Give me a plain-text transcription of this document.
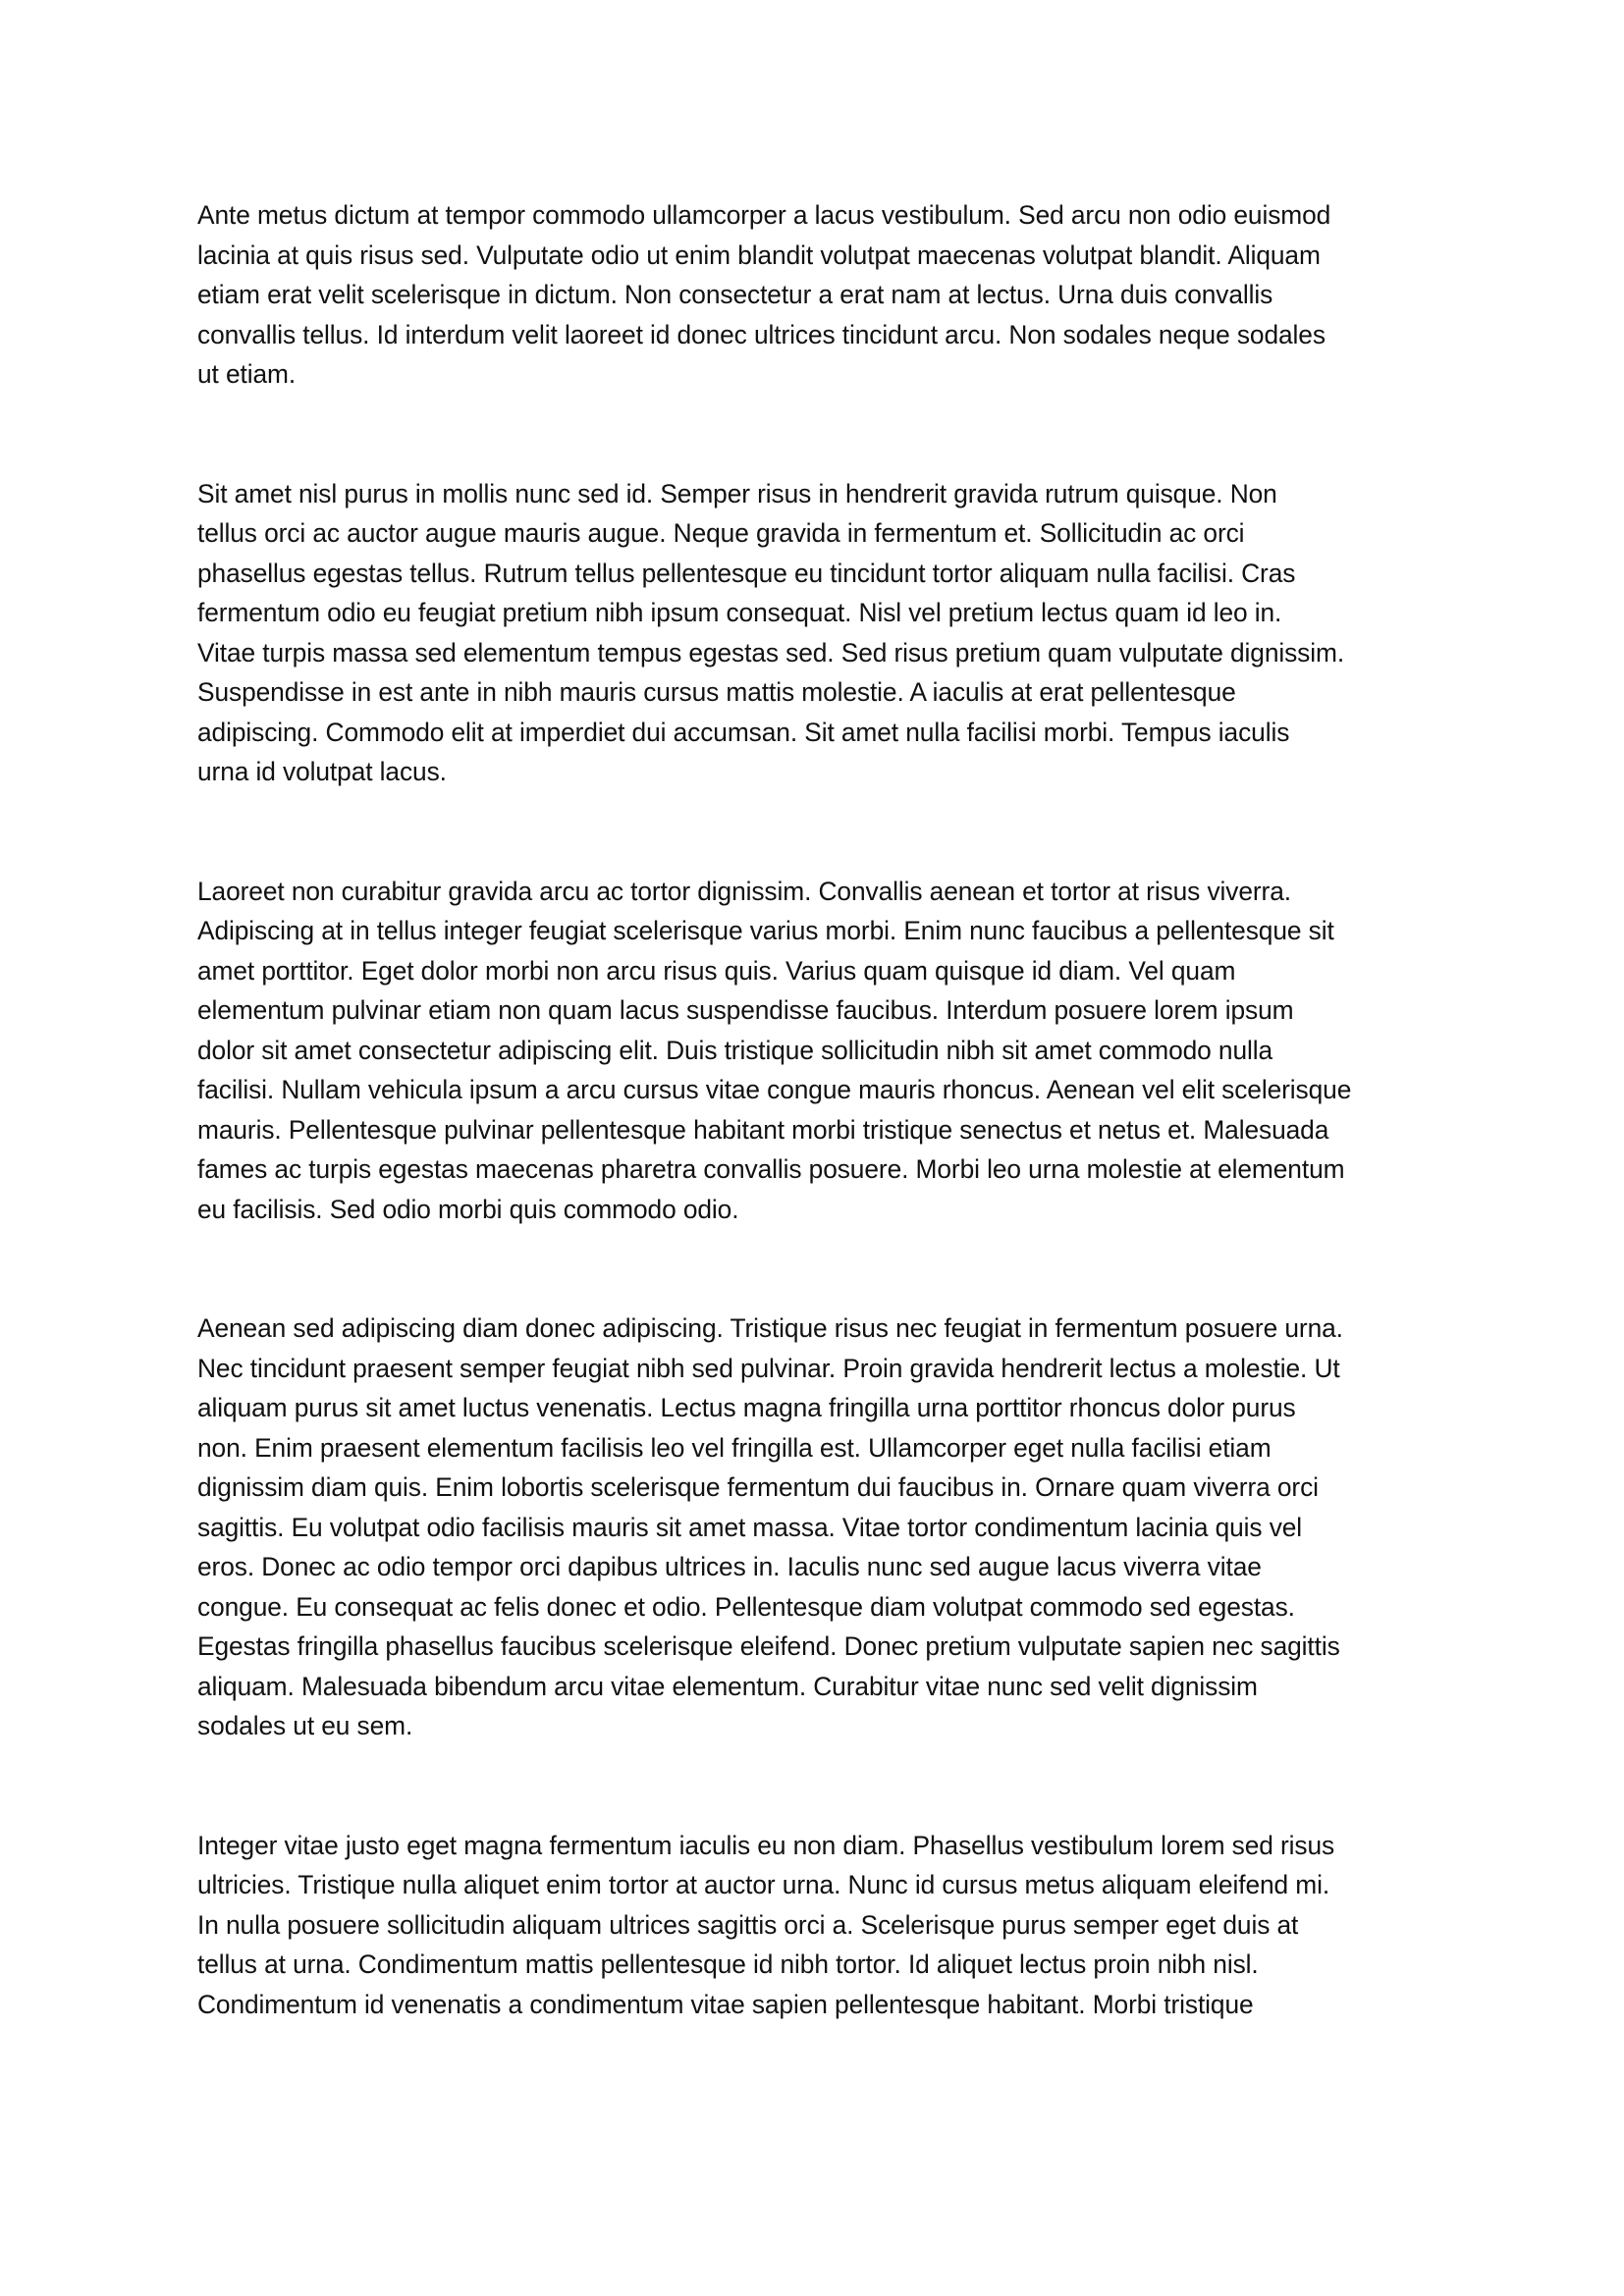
Ante metus dictum at tempor commodo ullamcorper a lacus vestibulum. Sed arcu non odio euismod
lacinia at quis risus sed. Vulputate odio ut enim blandit volutpat maecenas volutpat blandit. Aliquam
etiam erat velit scelerisque in dictum. Non consectetur a erat nam at lectus. Urna duis convallis
convallis tellus. Id interdum velit laoreet id donec ultrices tincidunt arcu. Non sodales neque sodales
ut etiam.
Sit amet nisl purus in mollis nunc sed id. Semper risus in hendrerit gravida rutrum quisque. Non
tellus orci ac auctor augue mauris augue. Neque gravida in fermentum et. Sollicitudin ac orci
phasellus egestas tellus. Rutrum tellus pellentesque eu tincidunt tortor aliquam nulla facilisi. Cras
fermentum odio eu feugiat pretium nibh ipsum consequat. Nisl vel pretium lectus quam id leo in.
Vitae turpis massa sed elementum tempus egestas sed. Sed risus pretium quam vulputate dignissim.
Suspendisse in est ante in nibh mauris cursus mattis molestie. A iaculis at erat pellentesque
adipiscing. Commodo elit at imperdiet dui accumsan. Sit amet nulla facilisi morbi. Tempus iaculis
urna id volutpat lacus.
Laoreet non curabitur gravida arcu ac tortor dignissim. Convallis aenean et tortor at risus viverra.
Adipiscing at in tellus integer feugiat scelerisque varius morbi. Enim nunc faucibus a pellentesque sit
amet porttitor. Eget dolor morbi non arcu risus quis. Varius quam quisque id diam. Vel quam
elementum pulvinar etiam non quam lacus suspendisse faucibus. Interdum posuere lorem ipsum
dolor sit amet consectetur adipiscing elit. Duis tristique sollicitudin nibh sit amet commodo nulla
facilisi. Nullam vehicula ipsum a arcu cursus vitae congue mauris rhoncus. Aenean vel elit scelerisque
mauris. Pellentesque pulvinar pellentesque habitant morbi tristique senectus et netus et. Malesuada
fames ac turpis egestas maecenas pharetra convallis posuere. Morbi leo urna molestie at elementum
eu facilisis. Sed odio morbi quis commodo odio.
Aenean sed adipiscing diam donec adipiscing. Tristique risus nec feugiat in fermentum posuere urna.
Nec tincidunt praesent semper feugiat nibh sed pulvinar. Proin gravida hendrerit lectus a molestie. Ut
aliquam purus sit amet luctus venenatis. Lectus magna fringilla urna porttitor rhoncus dolor purus
non. Enim praesent elementum facilisis leo vel fringilla est. Ullamcorper eget nulla facilisi etiam
dignissim diam quis. Enim lobortis scelerisque fermentum dui faucibus in. Ornare quam viverra orci
sagittis. Eu volutpat odio facilisis mauris sit amet massa. Vitae tortor condimentum lacinia quis vel
eros. Donec ac odio tempor orci dapibus ultrices in. Iaculis nunc sed augue lacus viverra vitae
congue. Eu consequat ac felis donec et odio. Pellentesque diam volutpat commodo sed egestas.
Egestas fringilla phasellus faucibus scelerisque eleifend. Donec pretium vulputate sapien nec sagittis
aliquam. Malesuada bibendum arcu vitae elementum. Curabitur vitae nunc sed velit dignissim
sodales ut eu sem.
Integer vitae justo eget magna fermentum iaculis eu non diam. Phasellus vestibulum lorem sed risus
ultricies. Tristique nulla aliquet enim tortor at auctor urna. Nunc id cursus metus aliquam eleifend mi.
In nulla posuere sollicitudin aliquam ultrices sagittis orci a. Scelerisque purus semper eget duis at
tellus at urna. Condimentum mattis pellentesque id nibh tortor. Id aliquet lectus proin nibh nisl.
Condimentum id venenatis a condimentum vitae sapien pellentesque habitant. Morbi tristique
